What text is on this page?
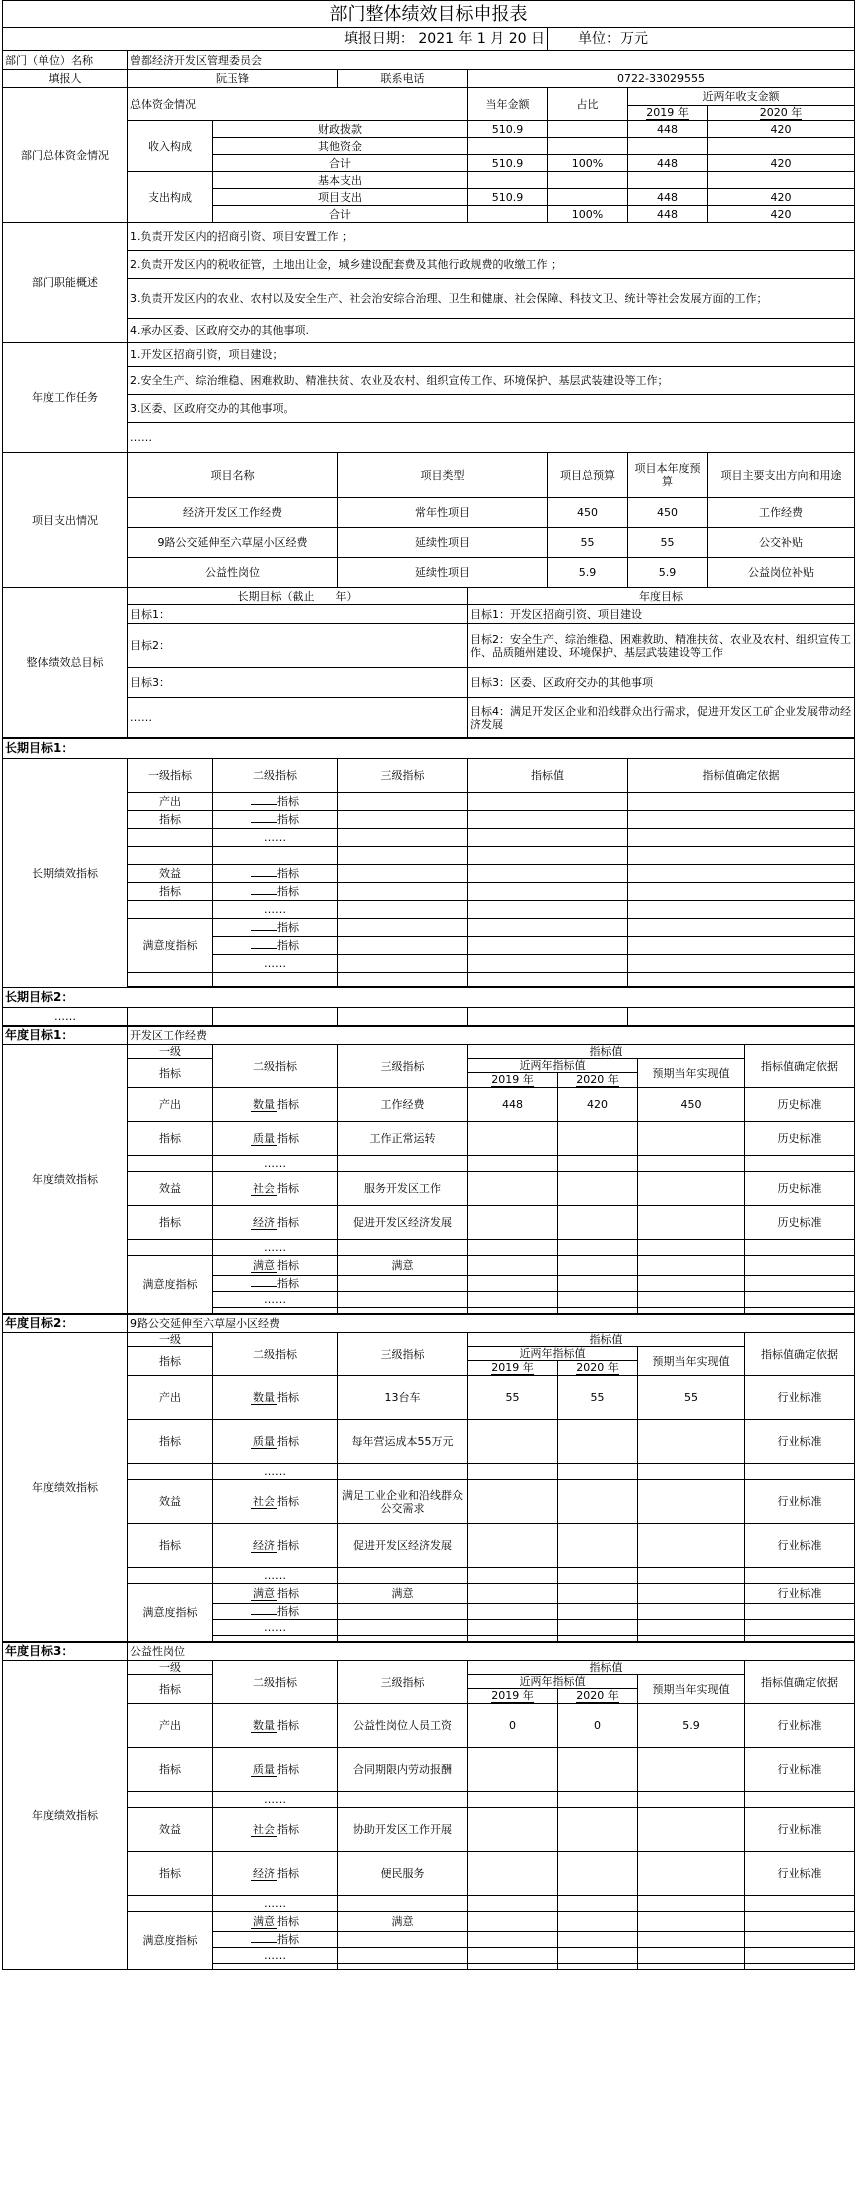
部门整体绩效目标申报表							
填报日期： 2021 年 1 月 20 日					单位：万元		
部门（单位）名称	曾都经济开发区管理委员会						
填报人	阮玉锋		联系电话	0722-33029555			
部门总体资金情况	总体资金情况			当年金额	占比	近两年收支金额	
						2019 年	2020 年
	收入构成	财政拨款		510.9		448	420
		其他资金					
		合计		510.9	100%	448	420
	支出构成	基本支出					
		项目支出		510.9		448	420
		合计			100%	448	420
部门职能概述	1.负责开发区内的招商引资、项目安置工作 ；						
	2.负责开发区内的税收征管，土地出让金，城乡建设配套费及其他行政规费的收缴工作 ；						
	3.负责开发区内的农业、农村以及安全生产、社会治安综合治理、卫生和健康、社会保障、科技文卫、统计等社会发展方面的工作；						
	4.承办区委、区政府交办的其他事项.						
年度工作任务	1.开发区招商引资，项目建设；						
	2.安全生产、综治维稳、困难救助、精准扶贫、农业及农村、组织宣传工作、环境保护、基层武装建设等工作；						
	3.区委、区政府交办的其他事项。						
	……						
项目支出情况	项目名称		项目类型		项目总预算	项目本年度预算	项目主要支出方向和用途
	经济开发区工作经费		常年性项目		450	450	工作经费
	9路公交延伸至六草屋小区经费		延续性项目		55	55	公交补贴
	公益性岗位		延续性项目		5.9	5.9	公益岗位补贴
整体绩效总目标	长期目标（截止 年）			年度目标			
	目标1：			目标1：开发区招商引资、项目建设			
	目标2：			目标2：安全生产、综治维稳、困难救助、精准扶贫、农业及农村、组织宣传工作、品质随州建设、环境保护、基层武装建设等工作			
	目标3：			目标3：区委、区政府交办的其他事项			
	……			目标4：满足开发区企业和沿线群众出行需求，促进开发区工矿企业发展带动经济发展			
长期目标1：					
长期绩效指标	一级指标	二级指标	三级指标	指标值	指标值确定依据
	产出	指标			
	指标	指标			
		……			

	效益	指标			
	指标	指标			
		……			
	满意度指标	指标			
		指标			
		……			

长期目标2：					
……					
年度目标1：	开发区工作经费						
年度绩效指标	一级	二级指标	三级指标	指标值			指标值确定依据
	指标			近两年指标值		预期当年实现值	
				2019 年	2020 年		
	产出	数量 指标	工作经费	448	420	450	历史标准
	指标	质量 指标	工作正常运转				历史标准
		……					
	效益	社会 指标	服务开发区工作				历史标准
	指标	经济 指标	促进开发区经济发展				历史标准
		……					
	满意度指标	满意 指标	满意				
		指标					
		……					

年度目标2：	9路公交延伸至六草屋小区经费						
年度绩效指标	一级	二级指标	三级指标	指标值			指标值确定依据
	指标			近两年指标值		预期当年实现值	
				2019 年	2020 年		
	产出	数量 指标	13台车	55	55	55	行业标准
	指标	质量 指标	每年营运成本55万元				行业标准
		……					
	效益	社会 指标	满足工业企业和沿线群众公交需求				行业标准
	指标	经济 指标	促进开发区经济发展				行业标准
		……					
	满意度指标	满意 指标	满意				行业标准
		指标					
		……					

年度目标3：	公益性岗位						
年度绩效指标	一级	二级指标	三级指标	指标值			指标值确定依据
	指标			近两年指标值		预期当年实现值	
				2019 年	2020 年		
	产出	数量 指标	公益性岗位人员工资	0	0	5.9	行业标准
	指标	质量 指标	合同期限内劳动报酬				行业标准
		……					
	效益	社会 指标	协助开发区工作开展				行业标准
	指标	经济 指标	便民服务				行业标准
		……					
	满意度指标	满意 指标	满意				
		指标					
		……					
